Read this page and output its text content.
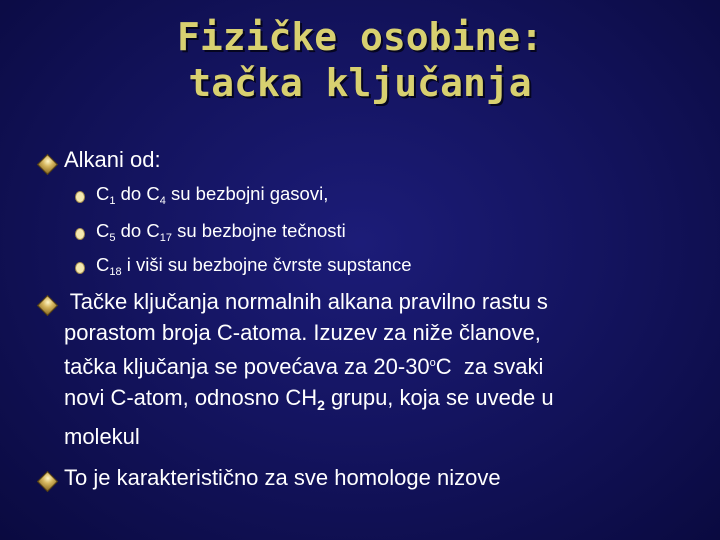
Fizičke osobine:
tačka ključanja
Alkani od:
$C_1$ do $C_4$ su bezbojni gasovi,
$C_5$ do $C_{17}$ su bezbojne tečnosti
$C_{18}$ i viši su bezbojne čvrste supstance
Tačke ključanja normalnih alkana pravilno rastu s
porastom broja C-atoma. Izuzev za niže članove,
tačka ključanja se povećava za 20-30$^o$C  za svaki
novi C-atom, odnosno $CH_2$ grupu, koja se uvede u
molekul
To je karakteristično za sve homologe nizove
